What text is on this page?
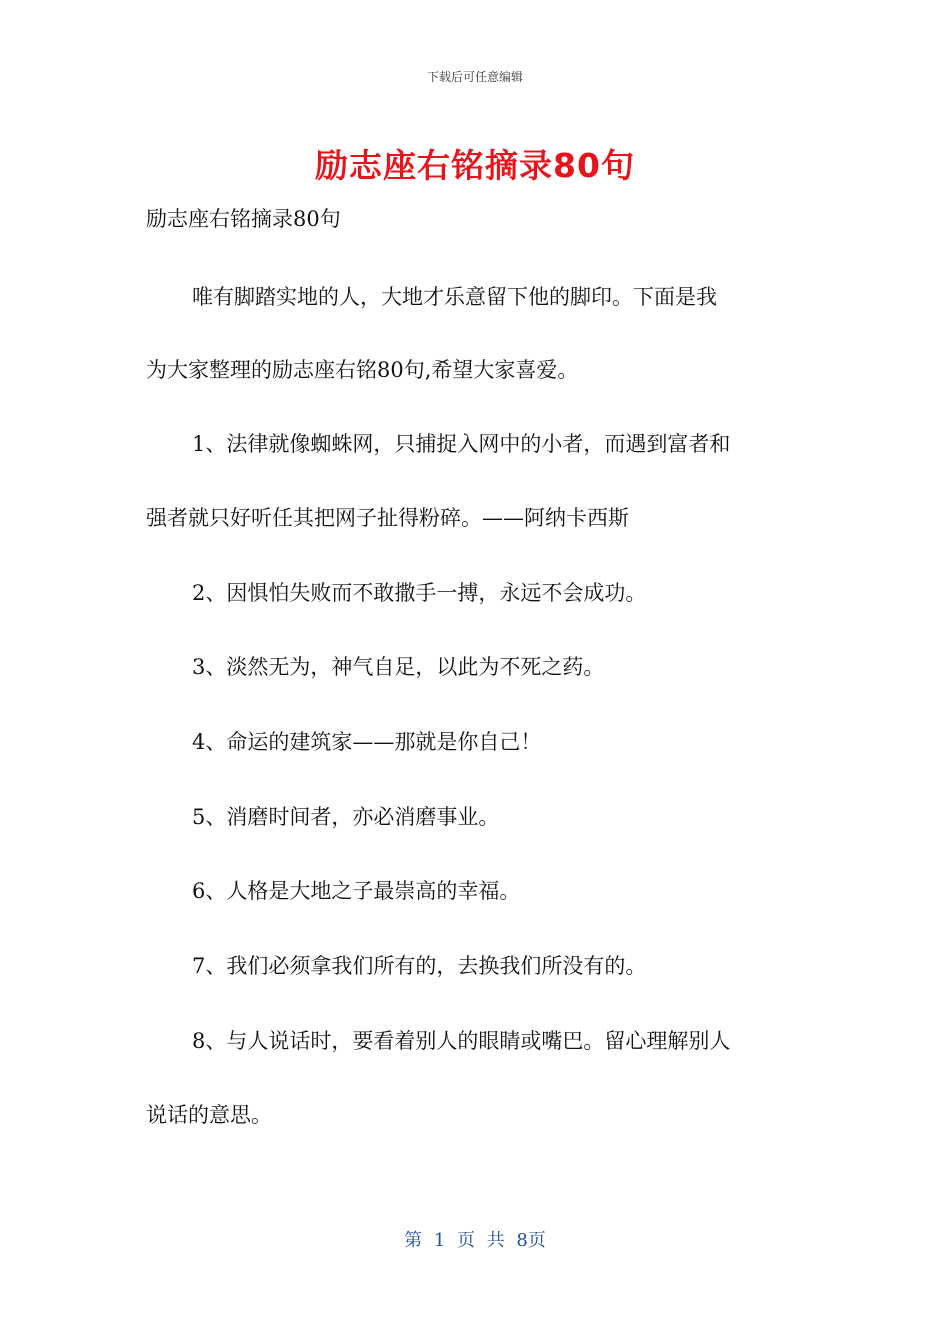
下载后可任意编辑
励志座右铭摘录80句
励志座右铭摘录80句
唯有脚踏实地的人，大地才乐意留下他的脚印。下面是我
为大家整理的励志座右铭80句,希望大家喜爱。
1、法律就像蜘蛛网，只捕捉入网中的小者，而遇到富者和
强者就只好听任其把网子扯得粉碎。——阿纳卡西斯
2、因惧怕失败而不敢撒手一搏，永远不会成功。
3、淡然无为，神气自足，以此为不死之药。
4、命运的建筑家——那就是你自己！
5、消磨时间者，亦必消磨事业。
6、人格是大地之子最崇高的幸福。
7、我们必须拿我们所有的，去换我们所没有的。
8、与人说话时，要看着别人的眼睛或嘴巴。留心理解别人
说话的意思。
第 1 页 共 8页
